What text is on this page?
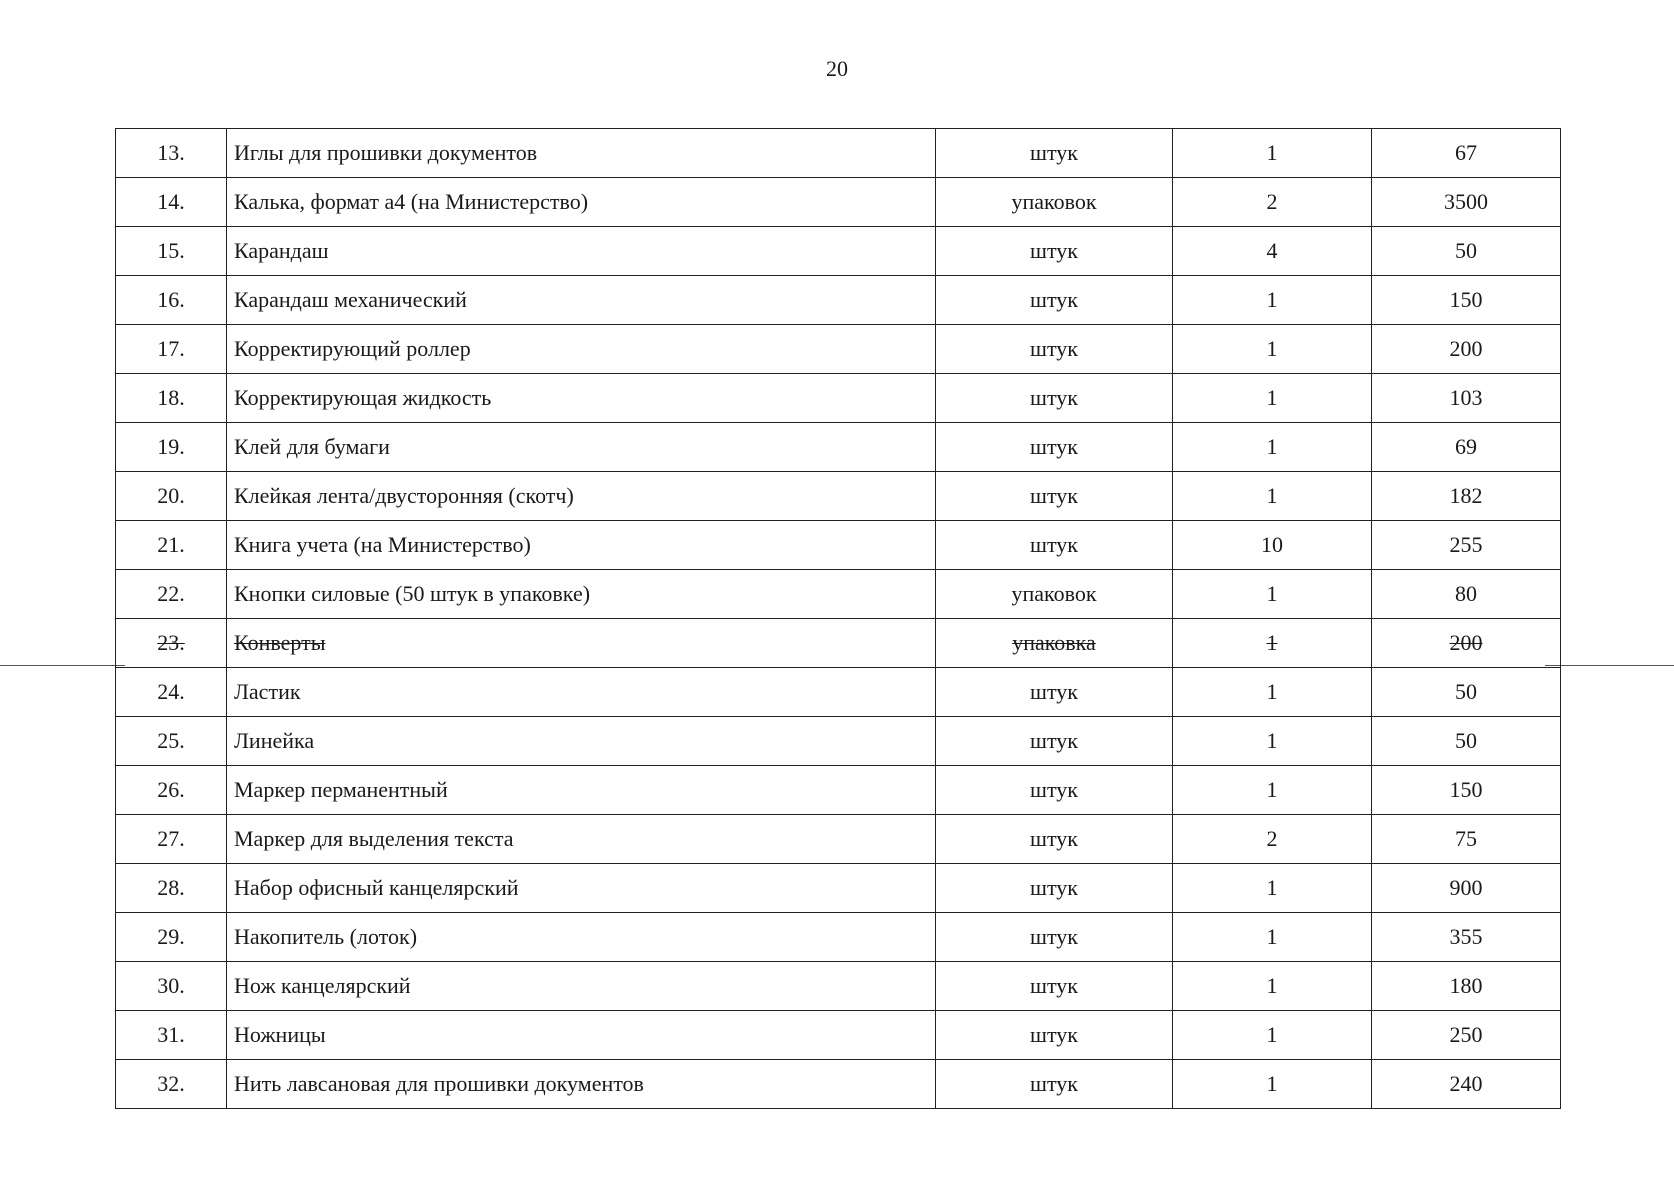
20
13.	Иглы для прошивки документов	штук	1	67
14.	Калька, формат а4 (на Министерство)	упаковок	2	3500
15.	Карандаш	штук	4	50
16.	Карандаш механический	штук	1	150
17.	Корректирующий роллер	штук	1	200
18.	Корректирующая жидкость	штук	1	103
19.	Клей для бумаги	штук	1	69
20.	Клейкая лента/двусторонняя (скотч)	штук	1	182
21.	Книга учета (на Министерство)	штук	10	255
22.	Кнопки силовые (50 штук в упаковке)	упаковок	1	80
23.	Конверты	упаковка	1	200
24.	Ластик	штук	1	50
25.	Линейка	штук	1	50
26.	Маркер перманентный	штук	1	150
27.	Маркер для выделения текста	штук	2	75
28.	Набор офисный канцелярский	штук	1	900
29.	Накопитель (лоток)	штук	1	355
30.	Нож канцелярский	штук	1	180
31.	Ножницы	штук	1	250
32.	Нить лавсановая для прошивки документов	штук	1	240
